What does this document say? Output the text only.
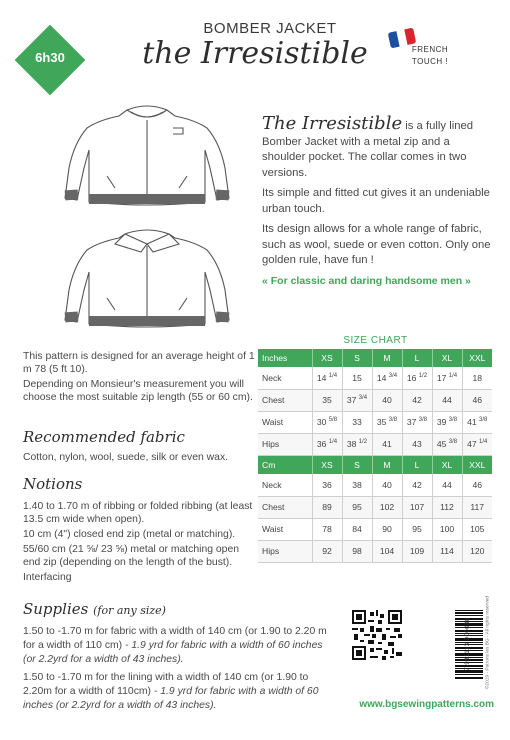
6h30
BOMBER JACKET
the Irresistible	FRENCH
TOUCH !

The Irresistible is a fully lined Bomber Jacket with a metal zip and a shoulder pocket. The collar comes in two versions.

Its simple and fitted cut gives it an undeniable urban touch.

Its design allows for a whole range of fabric, such as wool, suede or even cotton. Only one golden rule, have fun !

« For classic and daring handsome men »

SIZE CHART
Inches	XS	S	M	L	XL	XXL
Neck	14 $^{1/4}$	15	14 $^{3/4}$	16 $^{1/2}$	17 $^{1/4}$	18
Chest	35	37 $^{3/4}$	40	42	44	46
Waist	30 $^{5/8}$	33	35 $^{3/8}$	37 $^{3/8}$	39 $^{3/8}$	41 $^{3/8}$
Hips	36 $^{1/4}$	38 $^{1/2}$	41	43	45 $^{3/8}$	47 $^{1/4}$
Cm	XS	S	M	L	XL	XXL
Neck	36	38	40	42	44	46
Chest	89	95	102	107	112	117
Waist	78	84	90	95	100	105
Hips	92	98	104	109	114	120

This pattern is designed for an average height of 1 m 78 (5 ft 10).

Depending on Monsieur's measurement you will choose the most suitable zip length (55 or 60 cm).

Recommended fabric
Cotton, nylon, wool, suede, silk or even wax.
Notions

1.40 to 1.70 m of ribbing or folded ribbing (at least 13.5 cm wide when open).

10 cm (4") closed end zip (metal or matching).

55/60 cm (21 ⅝/ 23 ⅝) metal or matching open end zip (depending on the length of the bust).

Interfacing

Supplies (for any size)

1.50 to -1.70 m for fabric with a width of 140 cm (or 1.90 to 2.20 m for a width of 110 cm) - 1.9 yrd for fabric with a width of 60 inches (or 2.2yrd for a width of 43 inches).

1.50 to -1.70 m for the lining with a width of 140 cm (or 1.90 to 2.20m for a width of 110cm) - 1.9 yrd for fabric with a width of 60 inches (or 2.2yrd for a width of 43 inches).

7 981113 900038	©2019 - Patrons les BG - All rights reserved
www.bgsewingpatterns.com
